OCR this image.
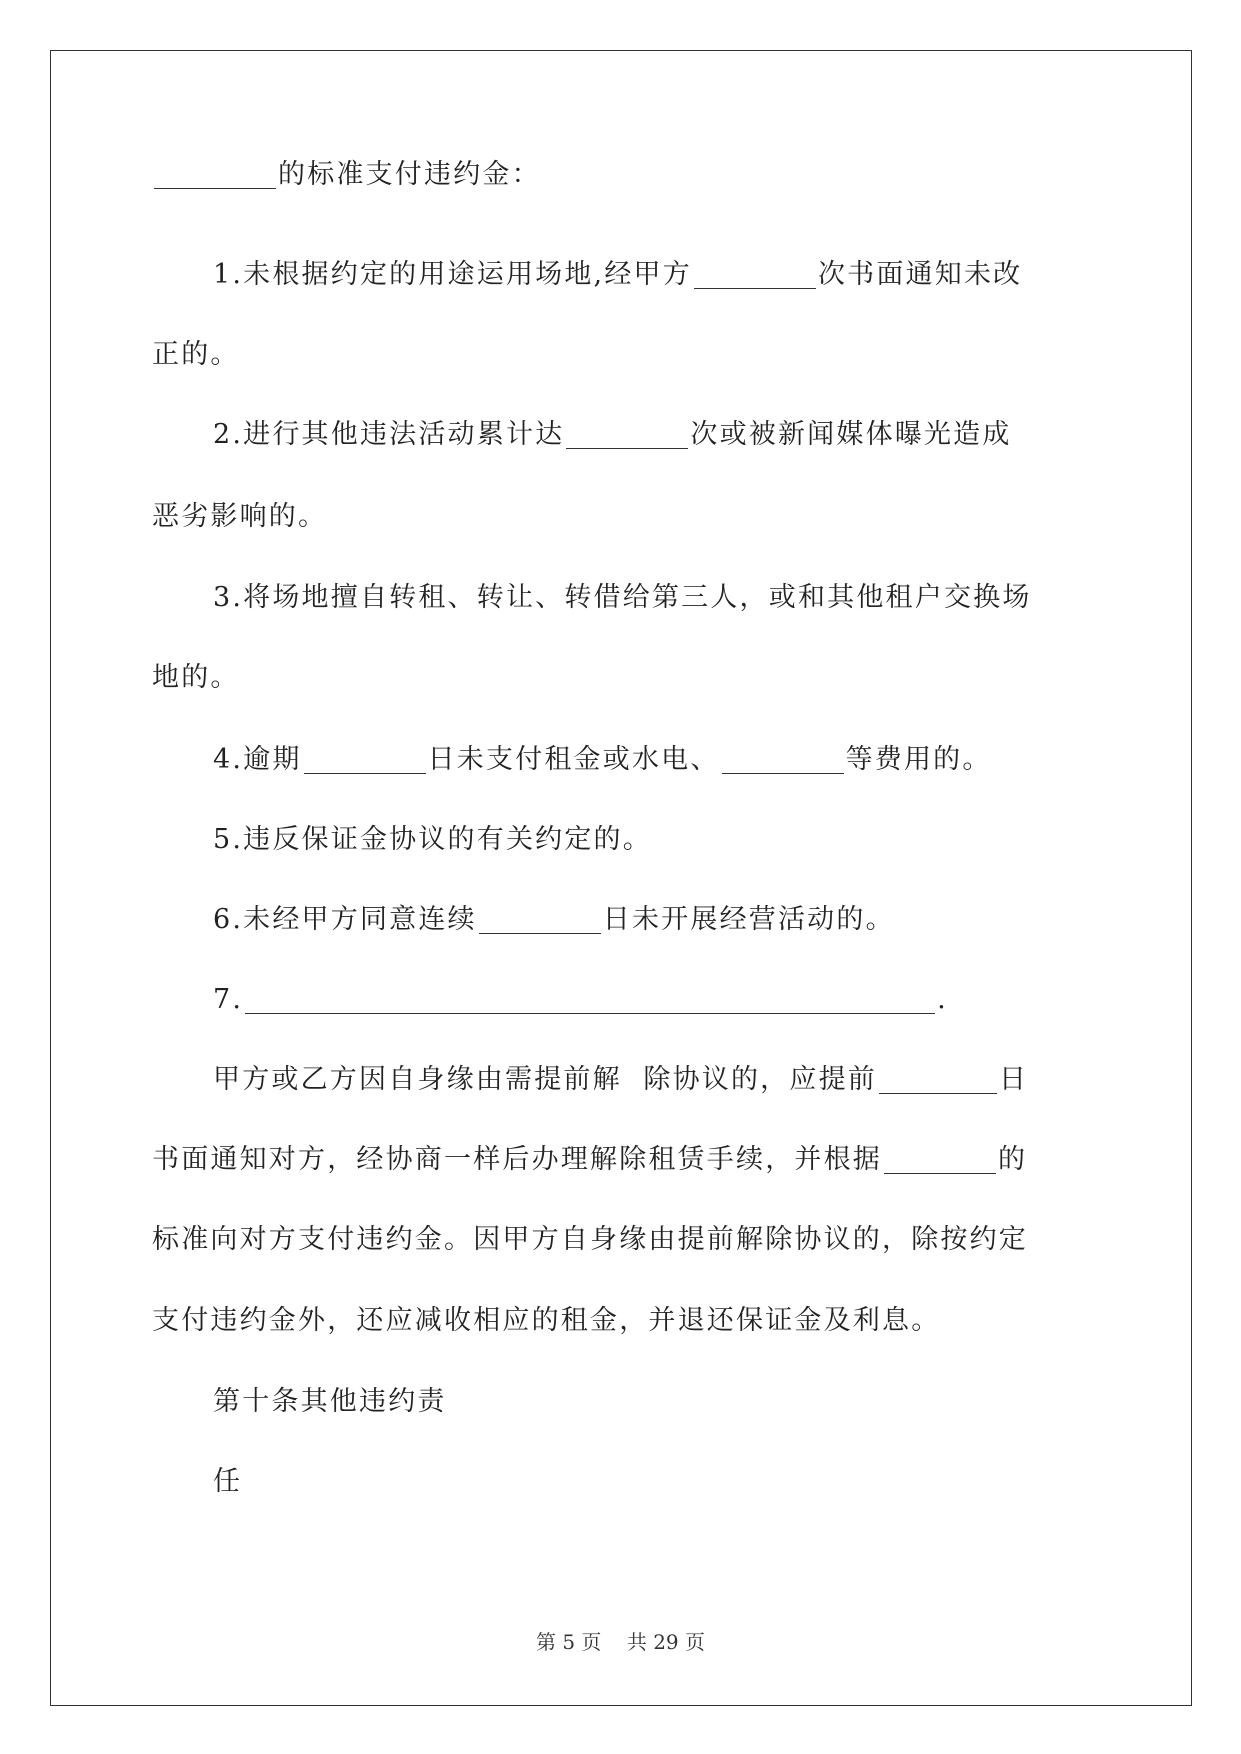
的标准支付违约金：
1.未根据约定的用途运用场地,经甲方	次书面通知未改
正的。
2.进行其他违法活动累计达	次或被新闻媒体曝光造成
恶劣影响的。
3.将场地擅自转租、转让、转借给第三人，或和其他租户交换场
地的。
4.逾期	日未支付租金或水电、	等费用的。
5.违反保证金协议的有关约定的。
6.未经甲方同意连续	日未开展经营活动的。
7.	.
甲方或乙方因自身缘由需提前解  除协议的，应提前	日
书面通知对方，经协商一样后办理解除租赁手续，并根据	的
标准向对方支付违约金。因甲方自身缘由提前解除协议的，除按约定
支付违约金外，还应减收相应的租金，并退还保证金及利息。
第十条其他违约责
任
第 5 页    共 29 页
